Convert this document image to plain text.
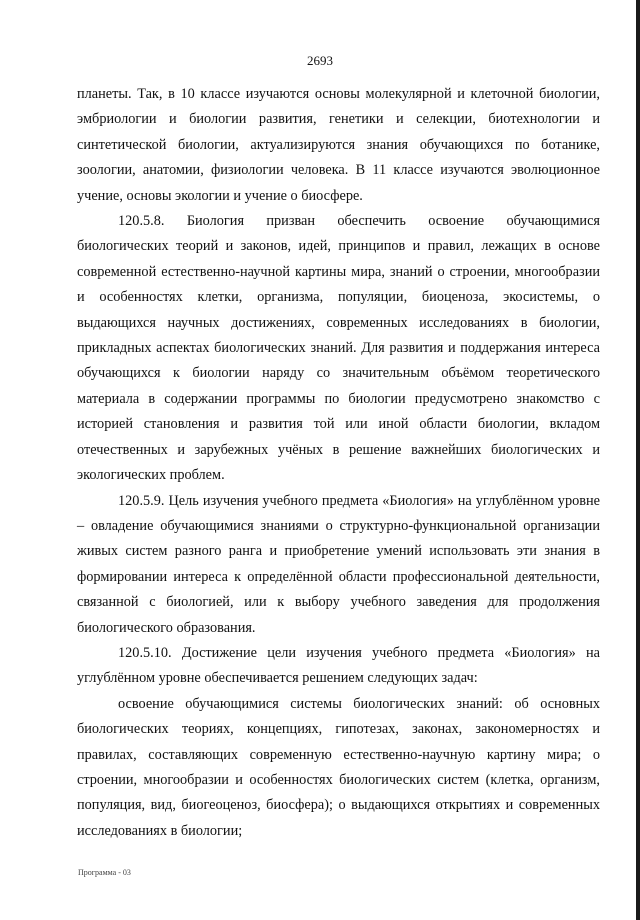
2693

планеты. Так, в 10 классе изучаются основы молекулярной и клеточной биологии, эмбриологии и биологии развития, генетики и селекции, биотехнологии и синтетической биологии, актуализируются знания обучающихся по ботанике, зоологии, анатомии, физиологии человека. В 11 классе изучаются эволюционное учение, основы экологии и учение о биосфере.

120.5.8. Биология призван обеспечить освоение обучающимися биологических теорий и законов, идей, принципов и правил, лежащих в основе современной естественно-научной картины мира, знаний о строении, многообразии и особенностях клетки, организма, популяции, биоценоза, экосистемы, о выдающихся научных достижениях, современных исследованиях в биологии, прикладных аспектах биологических знаний. Для развития и поддержания интереса обучающихся к биологии наряду со значительным объёмом теоретического материала в содержании программы по биологии предусмотрено знакомство с историей становления и развития той или иной области биологии, вкладом отечественных и зарубежных учёных в решение важнейших биологических и экологических проблем.

120.5.9. Цель изучения учебного предмета «Биология» на углублённом уровне – овладение обучающимися знаниями о структурно-функциональной организации живых систем разного ранга и приобретение умений использовать эти знания в формировании интереса к определённой области профессиональной деятельности, связанной с биологией, или к выбору учебного заведения для продолжения биологического образования.

120.5.10. Достижение цели изучения учебного предмета «Биология» на углублённом уровне обеспечивается решением следующих задач:

освоение обучающимися системы биологических знаний: об основных биологических теориях, концепциях, гипотезах, законах, закономерностях и правилах, составляющих современную естественно-научную картину мира; о строении, многообразии и особенностях биологических систем (клетка, организм, популяция, вид, биогеоценоз, биосфера); о выдающихся открытиях и современных исследованиях в биологии;

Программа - 03
